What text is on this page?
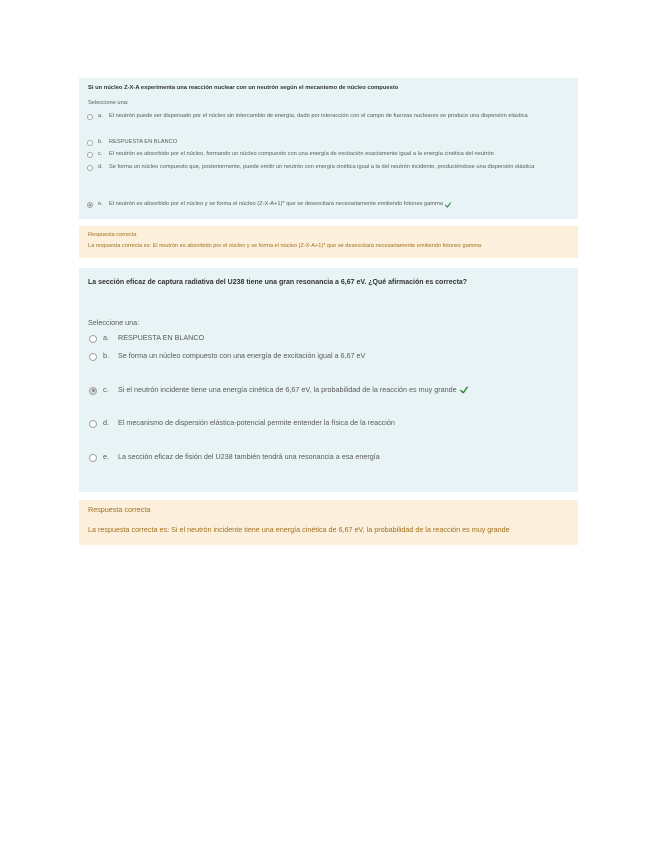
Si un núcleo Z-X-A experimenta una reacción nuclear con un neutrón según el mecanismo de núcleo compuesto
Seleccione una:
a.	El neutrón puede ser dispersado por el núcleo sin intercambio de energía, dado por interacción con el campo de fuerzas nucleares se produce una dispersión elástica
b.	RESPUESTA EN BLANCO
c.	El neutrón es absorbido por el núcleo, formando un núcleo compuesto con una energía de excitación exactamente igual a la energía cinética del neutrón
d.	Se forma un núcleo compuesto que, posteriormente, puede emitir un neutrón con energía cinética igual a la del neutrón incidente, produciéndose una dispersión elástica
e.	El neutrón es absorbido por el núcleo y se forma el núcleo (Z-X-A+1)* que se desexcitará necesariamente emitiendo fotones gamma
Respuesta correcta
La respuesta correcta es: El neutrón es absorbido por el núcleo y se forma el núcleo (Z-X-A+1)* que se desexcitará necesariamente emitiendo fotones gamma
La sección eficaz de captura radiativa del U238 tiene una gran resonancia a 6,67 eV. ¿Qué afirmación es correcta?
Seleccione una:
a.	RESPUESTA EN BLANCO
b.	Se forma un núcleo compuesto con una energía de excitación igual a 6,67 eV
c.	Si el neutrón incidente tiene una energía cinética de 6,67 eV, la probabilidad de la reacción es muy grande
d.	El mecanismo de dispersión elástica-potencial permite entender la física de la reacción
e.	La sección eficaz de fisión del U238 también tendrá una resonancia a esa energía
Respuesta correcta
La respuesta correcta es: Si el neutrón incidente tiene una energía cinética de 6,67 eV, la probabilidad de la reacción es muy grande
